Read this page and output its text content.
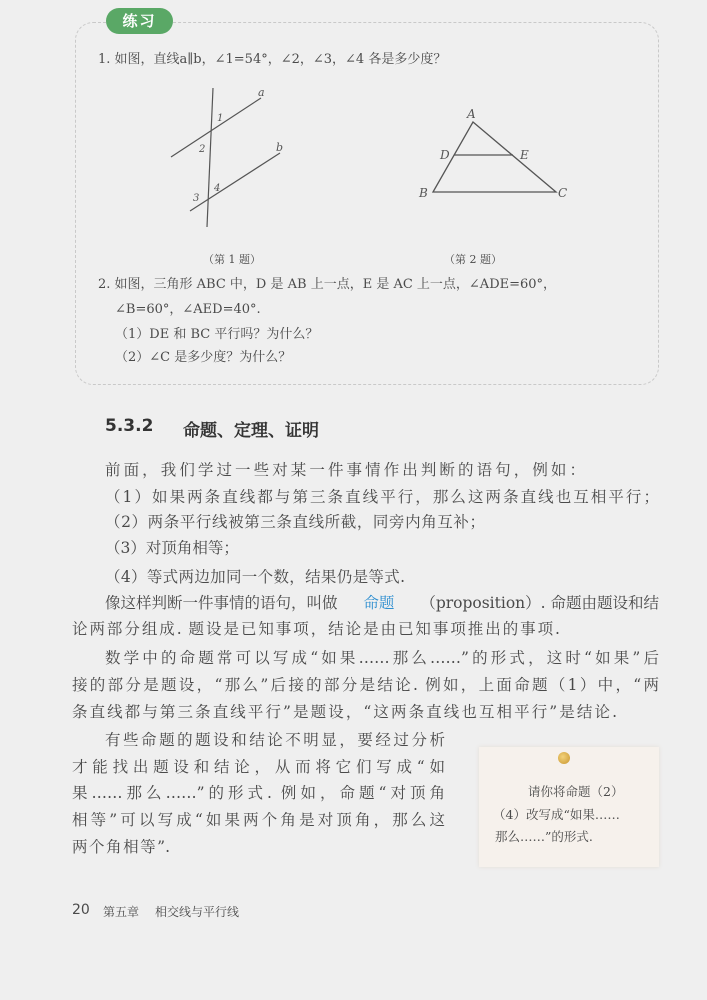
练习
1. 如图，直线a∥b，∠1=54°，∠2，∠3，∠4 各是多少度？
a
b
1
2
3
4
A
B	C
D	E
（第 1 题）	（第 2 题）
2. 如图，三角形 ABC 中，D 是 AB 上一点，E 是 AC 上一点，∠ADE=60°，
∠B=60°，∠AED=40°.
（1）DE 和 BC 平行吗？为什么？
（2）∠C 是多少度？为什么？
5.3.2 命题、定理、证明
前面，我们学过一些对某一件事情作出判断的语句，例如：
（1）如果两条直线都与第三条直线平行，那么这两条直线也互相平行；
（2）两条平行线被第三条直线所截，同旁内角互补；
（3）对顶角相等；
（4）等式两边加同一个数，结果仍是等式.
像这样判断一件事情的语句，叫做 命题 （proposition）. 命题由题设和结
论两部分组成. 题设是已知事项，结论是由已知事项推出的事项.
数学中的命题常可以写成“如果……那么……”的形式，这时“如果”后
接的部分是题设，“那么”后接的部分是结论. 例如，上面命题（1）中，“两
条直线都与第三条直线平行”是题设，“这两条直线也互相平行”是结论.
有些命题的题设和结论不明显，要经过分析
才能找出题设和结论，从而将它们写成“如
果……那么……”的形式. 例如，命题“对顶角
相等”可以写成“如果两个角是对顶角，那么这
两个角相等”.
请你将命题（2）
（4）改写成“如果……
那么……”的形式.
20 第五章 相交线与平行线
